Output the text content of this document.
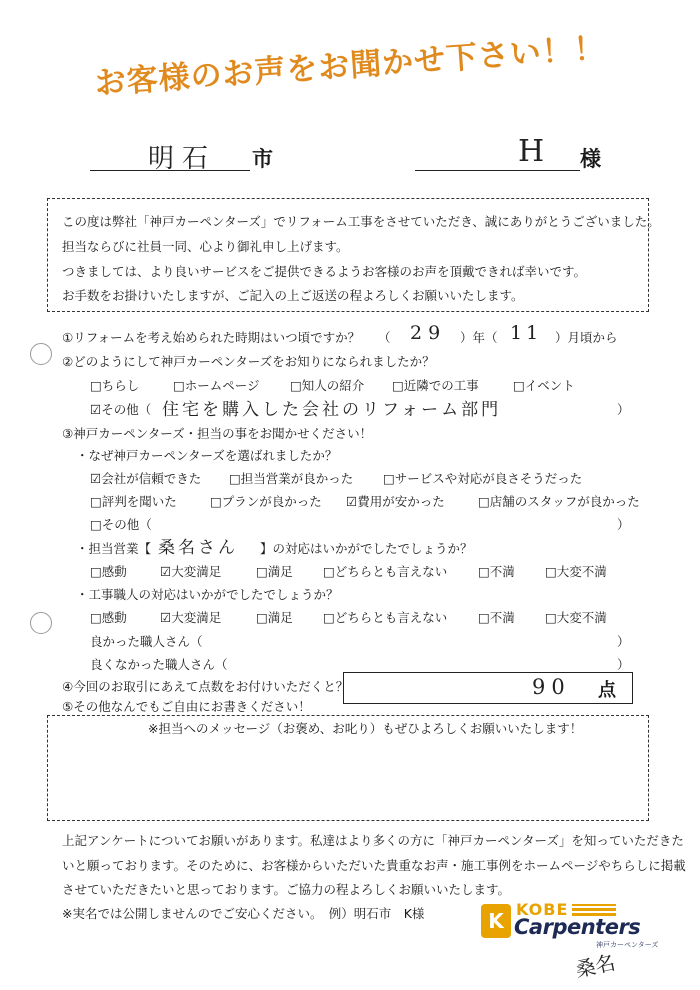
お客様のお声をお聞かせ下さい！！
明石 市	H 様
この度は弊社「神戸カーペンターズ」でリフォーム工事をさせていただき、誠にありがとうございました。
担当ならびに社員一同、心より御礼申し上げます。
つきましては、より良いサービスをご提供できるようお客様のお声を頂戴できれば幸いです。
お手数をお掛けいたしますが、ご記入の上ご返送の程よろしくお願いいたします。
①リフォームを考え始められた時期はいつ頃ですか？ （ 29 ）年（ 11 ）月頃から
②どのようにして神戸カーペンターズをお知りになられましたか？
□ちらし	□ホームページ □知人の紹介 □近隣での工事	□イベント
☑その他（ 住宅を購入した会社のリフォーム部門	）
③神戸カーペンターズ・担当の事をお聞かせください！
・なぜ神戸カーペンターズを選ばれましたか？
☑会社が信頼できた □担当営業が良かった □サービスや対応が良さそうだった
□評判を聞いた	□プランが良かった ☑費用が安かった	□店舗のスタッフが良かった
□その他（	）
・担当営業【 桑名さん 】の対応はいかがでしたでしょうか？
□感動	☑大変満足	□満足 □どちらとも言えない □不満 □大変不満
・工事職人の対応はいかがでしたでしょうか？
□感動	☑大変満足	□満足 □どちらとも言えない □不満 □大変不満
良かった職人さん（	）
良くなかった職人さん（	）
④今回のお取引にあえて点数をお付けいただくと？	90 点
⑤その他なんでもご自由にお書きください！
※担当へのメッセージ（お褒め、お叱り）もぜひよろしくお願いいたします！
上記アンケートについてお願いがあります。私達はより多くの方に「神戸カーペンターズ」を知っていただきた
いと願っております。そのために、お客様からいただいた貴重なお声・施工事例をホームページやちらしに掲載
させていただきたいと思っております。ご協力の程よろしくお願いいたします。
※実名では公開しませんのでご安心ください。　例）明石市　K様	K KOBE
Carpenters
神戸カーペンターズ
桑名
